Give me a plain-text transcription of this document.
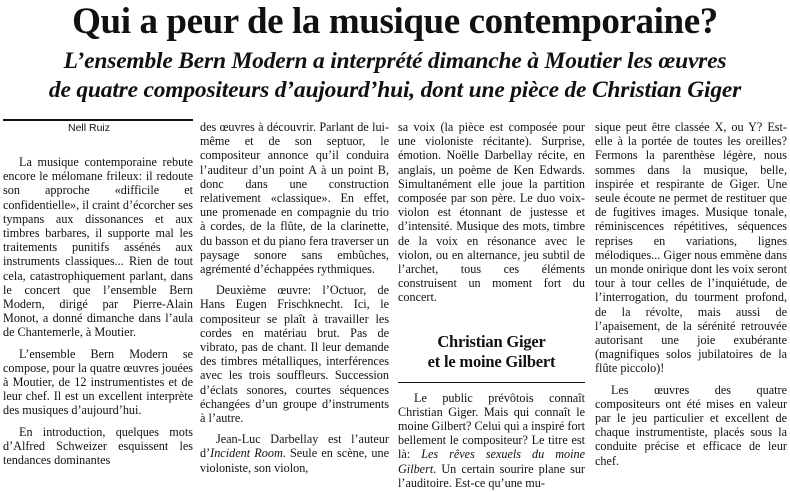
Qui a peur de la musique contemporaine?
L’ensemble Bern Modern a interprété dimanche à Moutier les œuvres
de quatre compositeurs d’aujourd’hui, dont une pièce de Christian Giger
Nell Ruiz

La musique contemporaine rebute encore le mélomane frileux: il redoute son approche «difficile et confidentielle», il craint d’écorcher ses tympans aux dissonances et aux timbres barbares, il supporte mal les traitements punitifs assénés aux instruments classiques... Rien de tout cela, catastrophiquement parlant, dans le concert que l’ensemble Bern Modern, dirigé par Pierre-Alain Monot, a donné dimanche dans l’aula de Chantemerle, à Moutier.

L’ensemble Bern Modern se compose, pour la quatre œuvres jouées à Moutier, de 12 instrumentistes et de leur chef. Il est un excellent interprète des musiques d’aujourd’hui.

En introduction, quelques mots d’Alfred Schweizer esquissent les tendances dominantes

des œuvres à découvrir. Parlant de lui-même et de son septuor, le compositeur annonce qu’il conduira l’auditeur d’un point A à un point B, donc dans une construction relativement «classique». En effet, une promenade en compagnie du trio à cordes, de la flûte, de la clarinette, du basson et du piano fera traverser un paysage sonore sans embûches, agrémenté d’échappées rythmiques.

Deuxième œuvre: l’Octuor, de Hans Eugen Frischknecht. Ici, le compositeur se plaît à travailler les cordes en matériau brut. Pas de vibrato, pas de chant. Il leur demande des timbres métalliques, interférences avec les trois souffleurs. Succession d’éclats sonores, courtes séquences échangées d’un groupe d’instruments à l’autre.

Jean-Luc Darbellay est l’auteur d’Incident Room. Seule en scène, une violoniste, son violon,

sa voix (la pièce est composée pour une violoniste récitante). Surprise, émotion. Noëlle Darbellay récite, en anglais, un poème de Ken Edwards. Simultanément elle joue la partition composée par son père. Le duo voix-violon est étonnant de justesse et d’intensité. Musique des mots, timbre de la voix en résonance avec le violon, ou en alternance, jeu subtil de l’archet, tous ces éléments construisent un moment fort du concert.

Christian Giger
et le moine Gilbert

Le public prévôtois connaît Christian Giger. Mais qui connaît le moine Gilbert? Celui qui a inspiré fort bellement le compositeur? Le titre est là: Les rêves sexuels du moine Gilbert. Un certain sourire plane sur l’auditoire. Est-ce qu’une mu-

sique peut être classée X, ou Y? Est-elle à la portée de toutes les oreilles? Fermons la parenthèse légère, nous sommes dans la musique, belle, inspirée et respirante de Giger. Une seule écoute ne permet de restituer que de fugitives images. Musique tonale, réminiscences répétitives, séquences reprises en variations, lignes mélodiques... Giger nous emmène dans un monde onirique dont les voix seront tour à tour celles de l’inquiétude, de l’interrogation, du tourment profond, de la révolte, mais aussi de l’apaisement, de la sérénité retrouvée autorisant une joie exubérante (magnifiques solos jubilatoires de la flûte piccolo)!

Les œuvres des quatre compositeurs ont été mises en valeur par le jeu particulier et excellent de chaque instrumentiste, placés sous la conduite précise et efficace de leur chef.
